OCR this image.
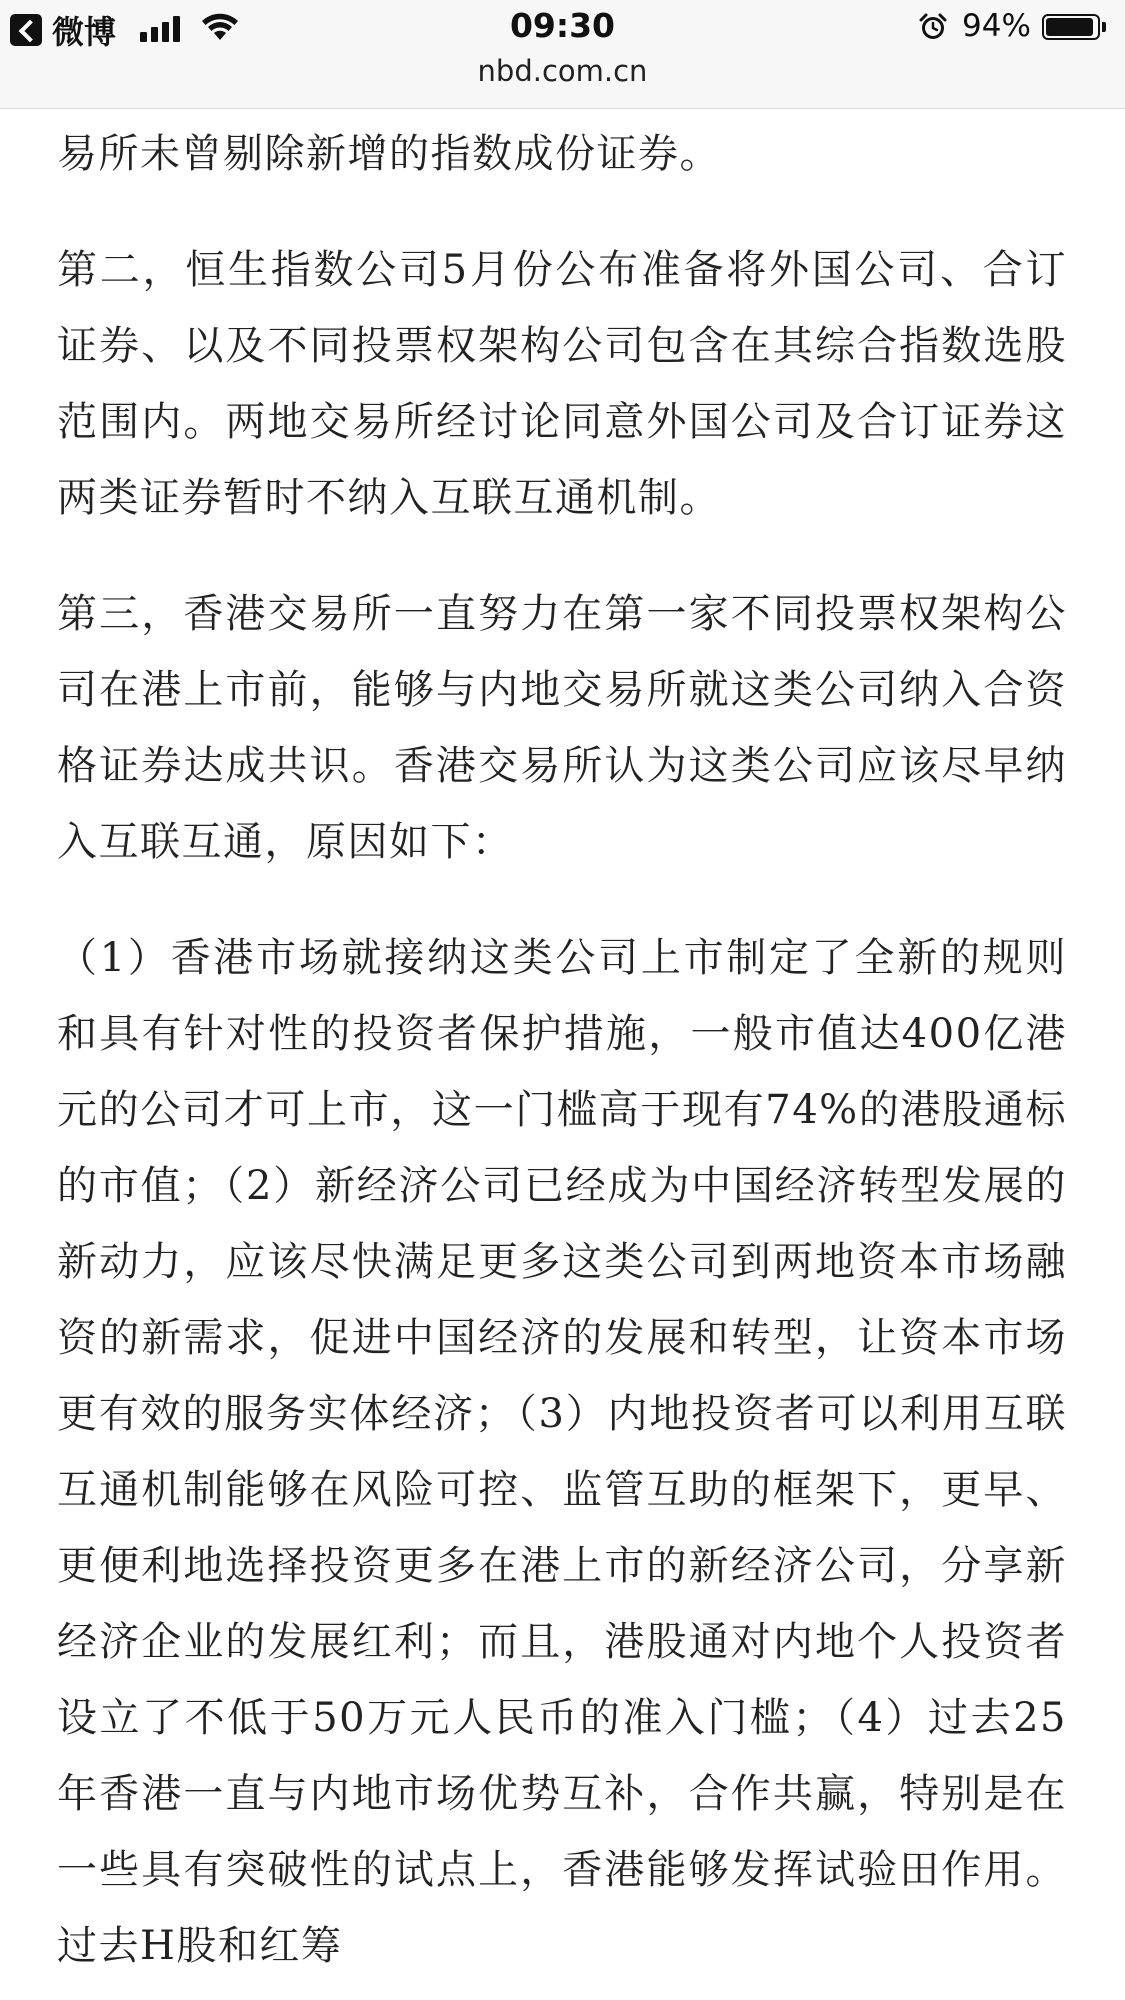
微博	09:30	94%
nbd.com.cn

易所未曾剔除新增的指数成份证券。

第二，恒生指数公司5月份公布准备将外国公司、合订证券、以及不同投票权架构公司包含在其综合指数选股范围内。两地交易所经讨论同意外国公司及合订证券这两类证券暂时不纳入互联互通机制。

第三，香港交易所一直努力在第一家不同投票权架构公司在港上市前，能够与内地交易所就这类公司纳入合资格证券达成共识。香港交易所认为这类公司应该尽早纳入互联互通，原因如下：

（1）香港市场就接纳这类公司上市制定了全新的规则和具有针对性的投资者保护措施，一般市值达400亿港元的公司才可上市，这一门槛高于现有74%的港股通标的市值；（2）新经济公司已经成为中国经济转型发展的新动力，应该尽快满足更多这类公司到两地资本市场融资的新需求，促进中国经济的发展和转型，让资本市场更有效的服务实体经济；（3）内地投资者可以利用互联互通机制能够在风险可控、监管互助的框架下，更早、更便利地选择投资更多在港上市的新经济公司，分享新经济企业的发展红利；而且，港股通对内地个人投资者设立了不低于50万元人民币的准入门槛；（4）过去25年香港一直与内地市场优势互补，合作共赢，特别是在一些具有突破性的试点上，香港能够发挥试验田作用。过去H股和红筹
